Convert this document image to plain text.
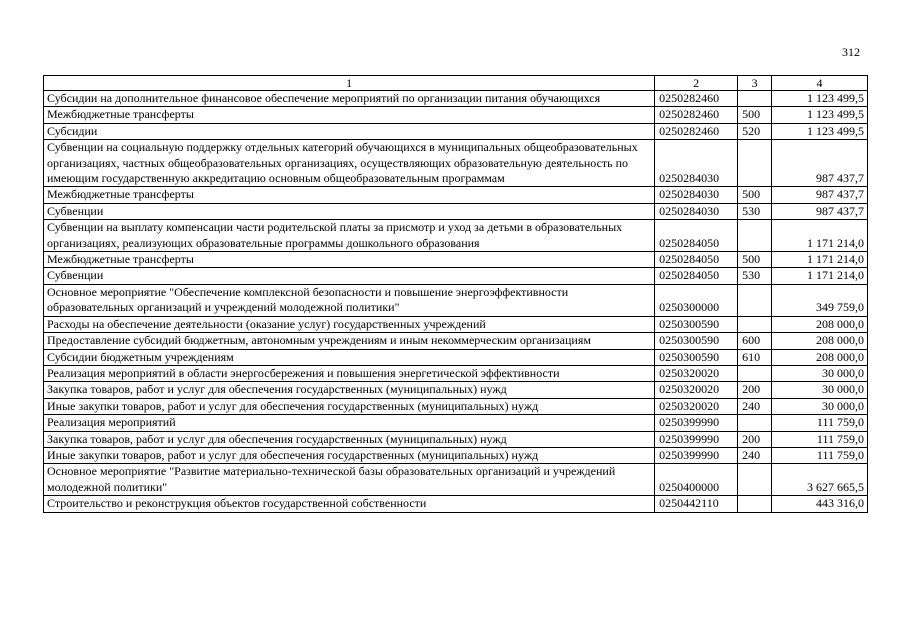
312
1	2	3	4
Субсидии на дополнительное финансовое обеспечение мероприятий по организации питания обучающихся	0250282460		1 123 499,5
Межбюджетные трансферты	0250282460	500	1 123 499,5
Субсидии	0250282460	520	1 123 499,5
Субвенции на социальную поддержку отдельных категорий обучающихся в муниципальных общеобразовательных организациях, частных общеобразовательных организациях, осуществляющих образовательную деятельность по имеющим государственную аккредитацию основным общеобразовательным программам	0250284030		987 437,7
Межбюджетные трансферты	0250284030	500	987 437,7
Субвенции	0250284030	530	987 437,7
Субвенции на выплату компенсации части родительской платы за присмотр и уход за детьми в образовательных организациях, реализующих образовательные программы дошкольного образования	0250284050		1 171 214,0
Межбюджетные трансферты	0250284050	500	1 171 214,0
Субвенции	0250284050	530	1 171 214,0
Основное мероприятие "Обеспечение комплексной безопасности и повышение энергоэффективности образовательных организаций и учреждений молодежной политики"	0250300000		349 759,0
Расходы на обеспечение деятельности (оказание услуг) государственных учреждений	0250300590		208 000,0
Предоставление субсидий бюджетным, автономным учреждениям и иным некоммерческим организациям	0250300590	600	208 000,0
Субсидии бюджетным учреждениям	0250300590	610	208 000,0
Реализация мероприятий в области энергосбережения и повышения энергетической эффективности	0250320020		30 000,0
Закупка товаров, работ и услуг для обеспечения государственных (муниципальных) нужд	0250320020	200	30 000,0
Иные закупки товаров, работ и услуг для обеспечения государственных (муниципальных) нужд	0250320020	240	30 000,0
Реализация мероприятий	0250399990		111 759,0
Закупка товаров, работ и услуг для обеспечения государственных (муниципальных) нужд	0250399990	200	111 759,0
Иные закупки товаров, работ и услуг для обеспечения государственных (муниципальных) нужд	0250399990	240	111 759,0
Основное мероприятие "Развитие материально-технической базы образовательных организаций и учреждений молодежной политики"	0250400000		3 627 665,5
Строительство и реконструкция объектов государственной собственности	0250442110		443 316,0
